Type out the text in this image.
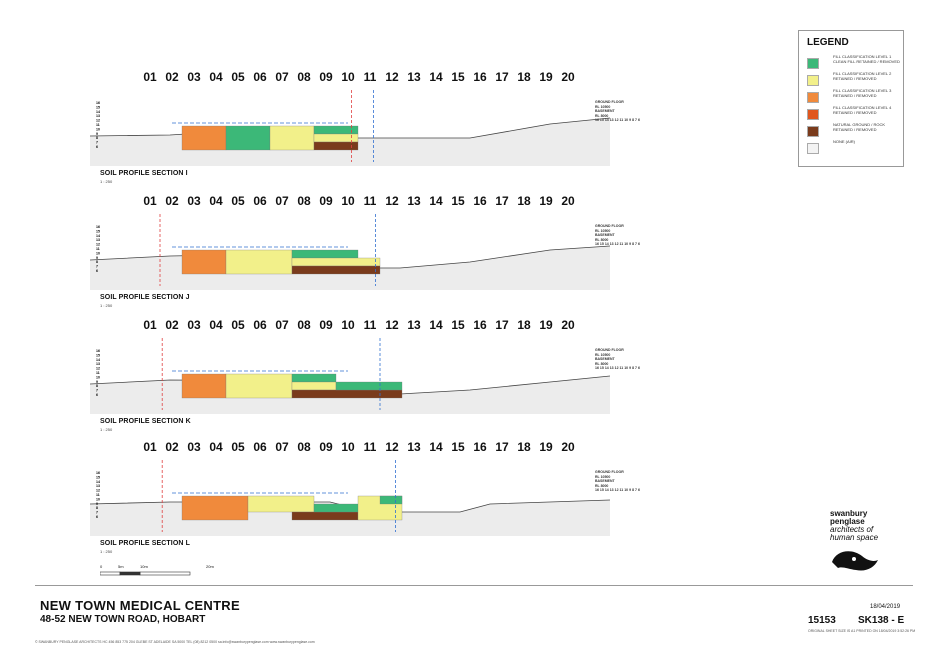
01 02 03 04 05 06 07 08 09 10 11 12 13 14 15 16 17 18 19 20
16
15
14
13
12
11
10
9
8
7
6
GROUND FLOOR
RL 10500
BASEMENT
RL 8000
161514131211109876
SOIL PROFILE SECTION I
1 : 250
01 02 03 04 05 06 07 08 09 10 11 12 13 14 15 16 17 18 19 20
16
15
14
13
12
11
10
9
8
7
6
GROUND FLOOR
RL 10500
BASEMENT
RL 8000
161514131211109876
SOIL PROFILE SECTION J
1 : 250
01 02 03 04 05 06 07 08 09 10 11 12 13 14 15 16 17 18 19 20
16
15
14
13
12
11
10
9
8
7
6
GROUND FLOOR
RL 10500
BASEMENT
RL 8000
161514131211109876
SOIL PROFILE SECTION K
1 : 250
01 02 03 04 05 06 07 08 09 10 11 12 13 14 15 16 17 18 19 20
16
15
14
13
12
11
10
9
8
7
6
GROUND FLOOR
RL 10500
BASEMENT
RL 8000
161514131211109876
SOIL PROFILE SECTION L
1 : 250
LEGEND
FILL CLASSIFICATION LEVEL 1 CLEAN FILL RETAINED / REMOVED
FILL CLASSIFICATION LEVEL 2 RETAINED / REMOVED
FILL CLASSIFICATION LEVEL 3 RETAINED / REMOVED
FILL CLASSIFICATION LEVEL 4 RETAINED / REMOVED
NATURAL GROUND / ROCK RETAINED / REMOVED
NONE (AIR)
swanbury
penglase
architects of
human space
0	5m	10m	20m
NEW TOWN MEDICAL CENTRE
48-52 NEW TOWN ROAD, HOBART
© SWANBURY PENGLASE ARCHITECTS HC 456 853 775 204 GLEBE ST ADELAIDE SA 5000 TEL (08) 8212 0500 sa.info@swanburypenglase.com www.swanburypenglase.com
18/04/2019
15153 SK138 - E
ORIGINAL SHEET SIZE IS A1 PRINTED ON 18/04/2019 3:52:26 PM
